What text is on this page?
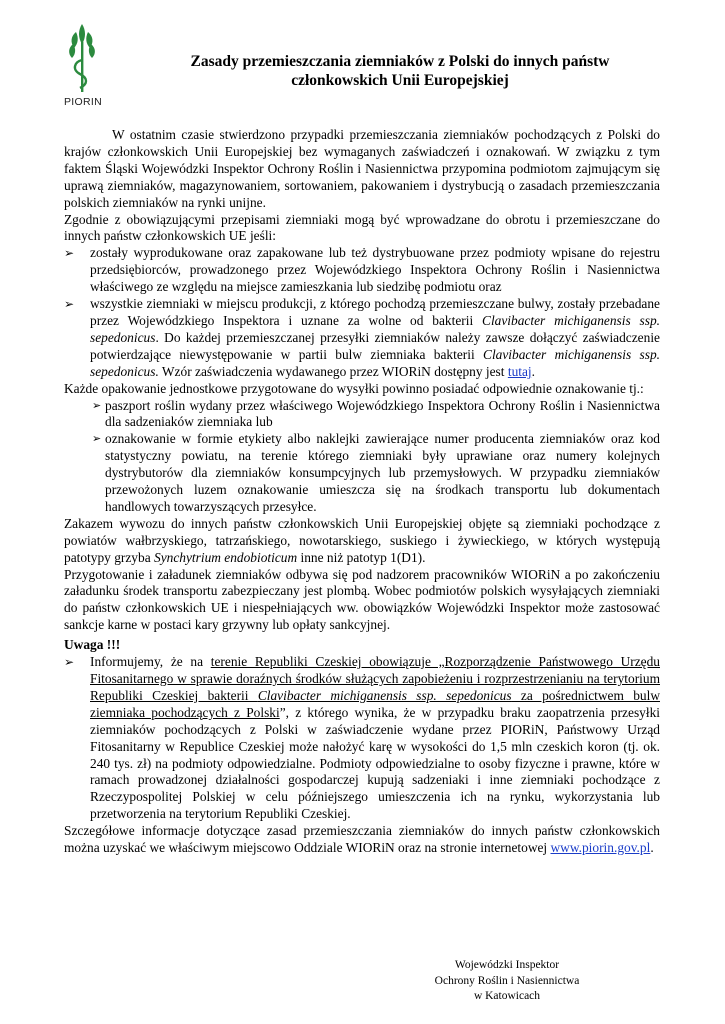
PIORIN
Zasady przemieszczania ziemniaków z Polski do innych państw
członkowskich Unii Europejskiej

W ostatnim czasie stwierdzono przypadki przemieszczania ziemniaków pochodzących z Polski do krajów członkowskich Unii Europejskiej bez wymaganych zaświadczeń i oznakowań. W związku z tym faktem Śląski Wojewódzki Inspektor Ochrony Roślin i Nasiennictwa przypomina podmiotom zajmującym się uprawą ziemniaków, magazynowaniem, sortowaniem, pakowaniem i dystrybucją o zasadach przemieszczania polskich ziemniaków na rynki unijne.

Zgodnie z obowiązującymi przepisami ziemniaki mogą być wprowadzane do obrotu i przemieszczane do innych państw członkowskich UE jeśli:

➢ zostały wyprodukowane oraz zapakowane lub też dystrybuowane przez podmioty wpisane do rejestru przedsiębiorców, prowadzonego przez Wojewódzkiego Inspektora Ochrony Roślin i Nasiennictwa właściwego ze względu na miejsce zamieszkania lub siedzibę podmiotu oraz
➢ wszystkie ziemniaki w miejscu produkcji, z którego pochodzą przemieszczane bulwy, zostały przebadane przez Wojewódzkiego Inspektora i uznane za wolne od bakterii Clavibacter michiganensis ssp. sepedonicus. Do każdej przemieszczanej przesyłki ziemniaków należy zawsze dołączyć zaświadczenie potwierdzające niewystępowanie w partii bulw ziemniaka bakterii Clavibacter michiganensis ssp. sepedonicus. Wzór zaświadczenia wydawanego przez WIORiN dostępny jest tutaj.

Każde opakowanie jednostkowe przygotowane do wysyłki powinno posiadać odpowiednie oznakowanie tj.:

➢ paszport roślin wydany przez właściwego Wojewódzkiego Inspektora Ochrony Roślin i Nasiennictwa dla sadzeniaków ziemniaka lub
➢ oznakowanie w formie etykiety albo naklejki zawierające numer producenta ziemniaków oraz kod statystyczny powiatu, na terenie którego ziemniaki były uprawiane oraz numery kolejnych dystrybutorów dla ziemniaków konsumpcyjnych lub przemysłowych. W przypadku ziemniaków przewożonych luzem oznakowanie umieszcza się na środkach transportu lub dokumentach handlowych towarzyszących przesyłce.

Zakazem wywozu do innych państw członkowskich Unii Europejskiej objęte są ziemniaki pochodzące z powiatów wałbrzyskiego, tatrzańskiego, nowotarskiego, suskiego i żywieckiego, w których występują patotypy grzyba Synchytrium endobioticum inne niż patotyp 1(D1).

Przygotowanie i załadunek ziemniaków odbywa się pod nadzorem pracowników WIORiN a po zakończeniu załadunku środek transportu zabezpieczany jest plombą. Wobec podmiotów polskich wysyłających ziemniaki do państw członkowskich UE i niespełniających ww. obowiązków Wojewódzki Inspektor może zastosować sankcje karne w postaci kary grzywny lub opłaty sankcyjnej.

Uwaga !!!

➢ Informujemy, że na terenie Republiki Czeskiej obowiązuje „Rozporządzenie Państwowego Urzędu Fitosanitarnego w sprawie doraźnych środków służących zapobieżeniu i rozprzestrzenianiu na terytorium Republiki Czeskiej bakterii Clavibacter michiganensis ssp. sepedonicus za pośrednictwem bulw ziemniaka pochodzących z Polski”, z którego wynika, że w przypadku braku zaopatrzenia przesyłki ziemniaków pochodzących z Polski w zaświadczenie wydane przez PIORiN, Państwowy Urząd Fitosanitarny w Republice Czeskiej może nałożyć karę w wysokości do 1,5 mln czeskich koron (tj. ok. 240 tys. zł) na podmioty odpowiedzialne. Podmioty odpowiedzialne to osoby fizyczne i prawne, które w ramach prowadzonej działalności gospodarczej kupują sadzeniaki i inne ziemniaki pochodzące z Rzeczypospolitej Polskiej w celu późniejszego umieszczenia ich na rynku, wykorzystania lub przetworzenia na terytorium Republiki Czeskiej.

Szczegółowe informacje dotyczące zasad przemieszczania ziemniaków do innych państw członkowskich można uzyskać we właściwym miejscowo Oddziale WIORiN oraz na stronie internetowej www.piorin.gov.pl.

Wojewódzki Inspektor
Ochrony Roślin i Nasiennictwa
w Katowicach
